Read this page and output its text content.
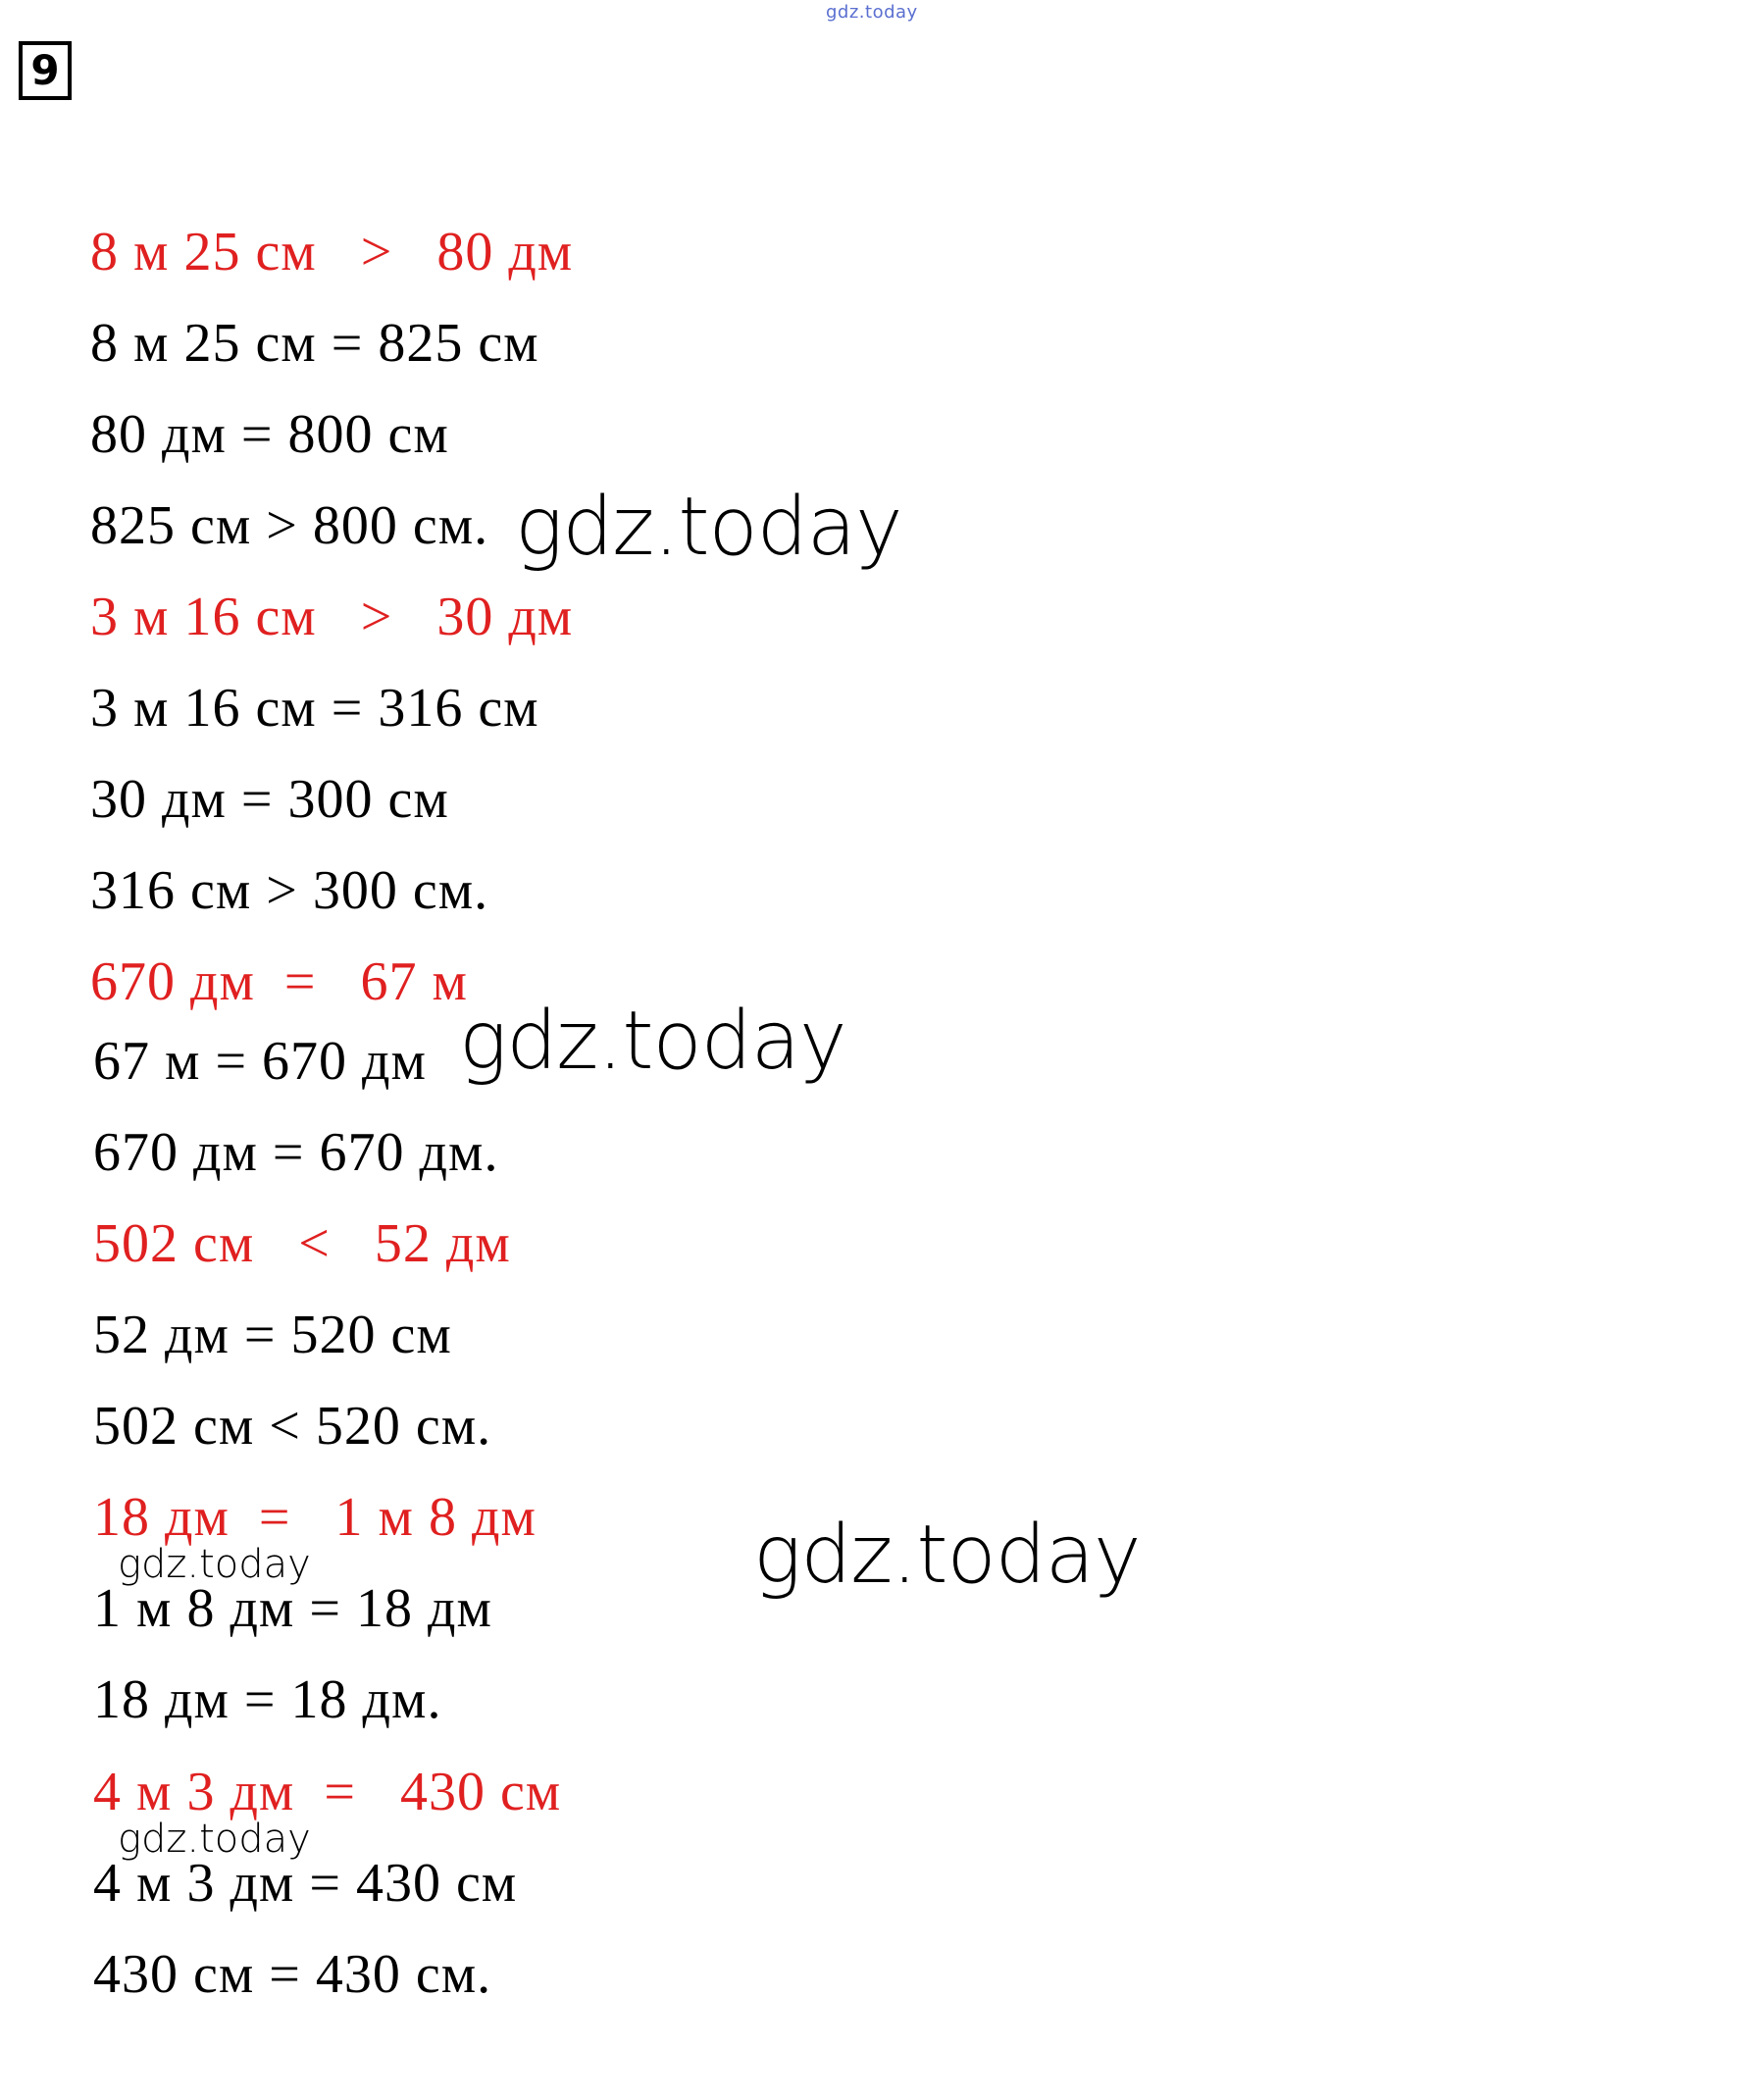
gdz.today
9
8 м 25 см   >   80 дм
8 м 25 см = 825 см
80 дм = 800 см
825 см > 800 см.
3 м 16 см   >   30 дм
3 м 16 см = 316 см
30 дм = 300 см
316 см > 300 см.
670 дм  =   67 м
67 м = 670 дм
670 дм = 670 дм.
502 см   <   52 дм
52 дм = 520 см
502 см < 520 см.
18 дм  =   1 м 8 дм
1 м 8 дм = 18 дм
18 дм = 18 дм.
4 м 3 дм  =   430 см
4 м 3 дм = 430 см
430 см = 430 см.
gdz.today
gdz.today
gdz.today
gdz.today
gdz.today
